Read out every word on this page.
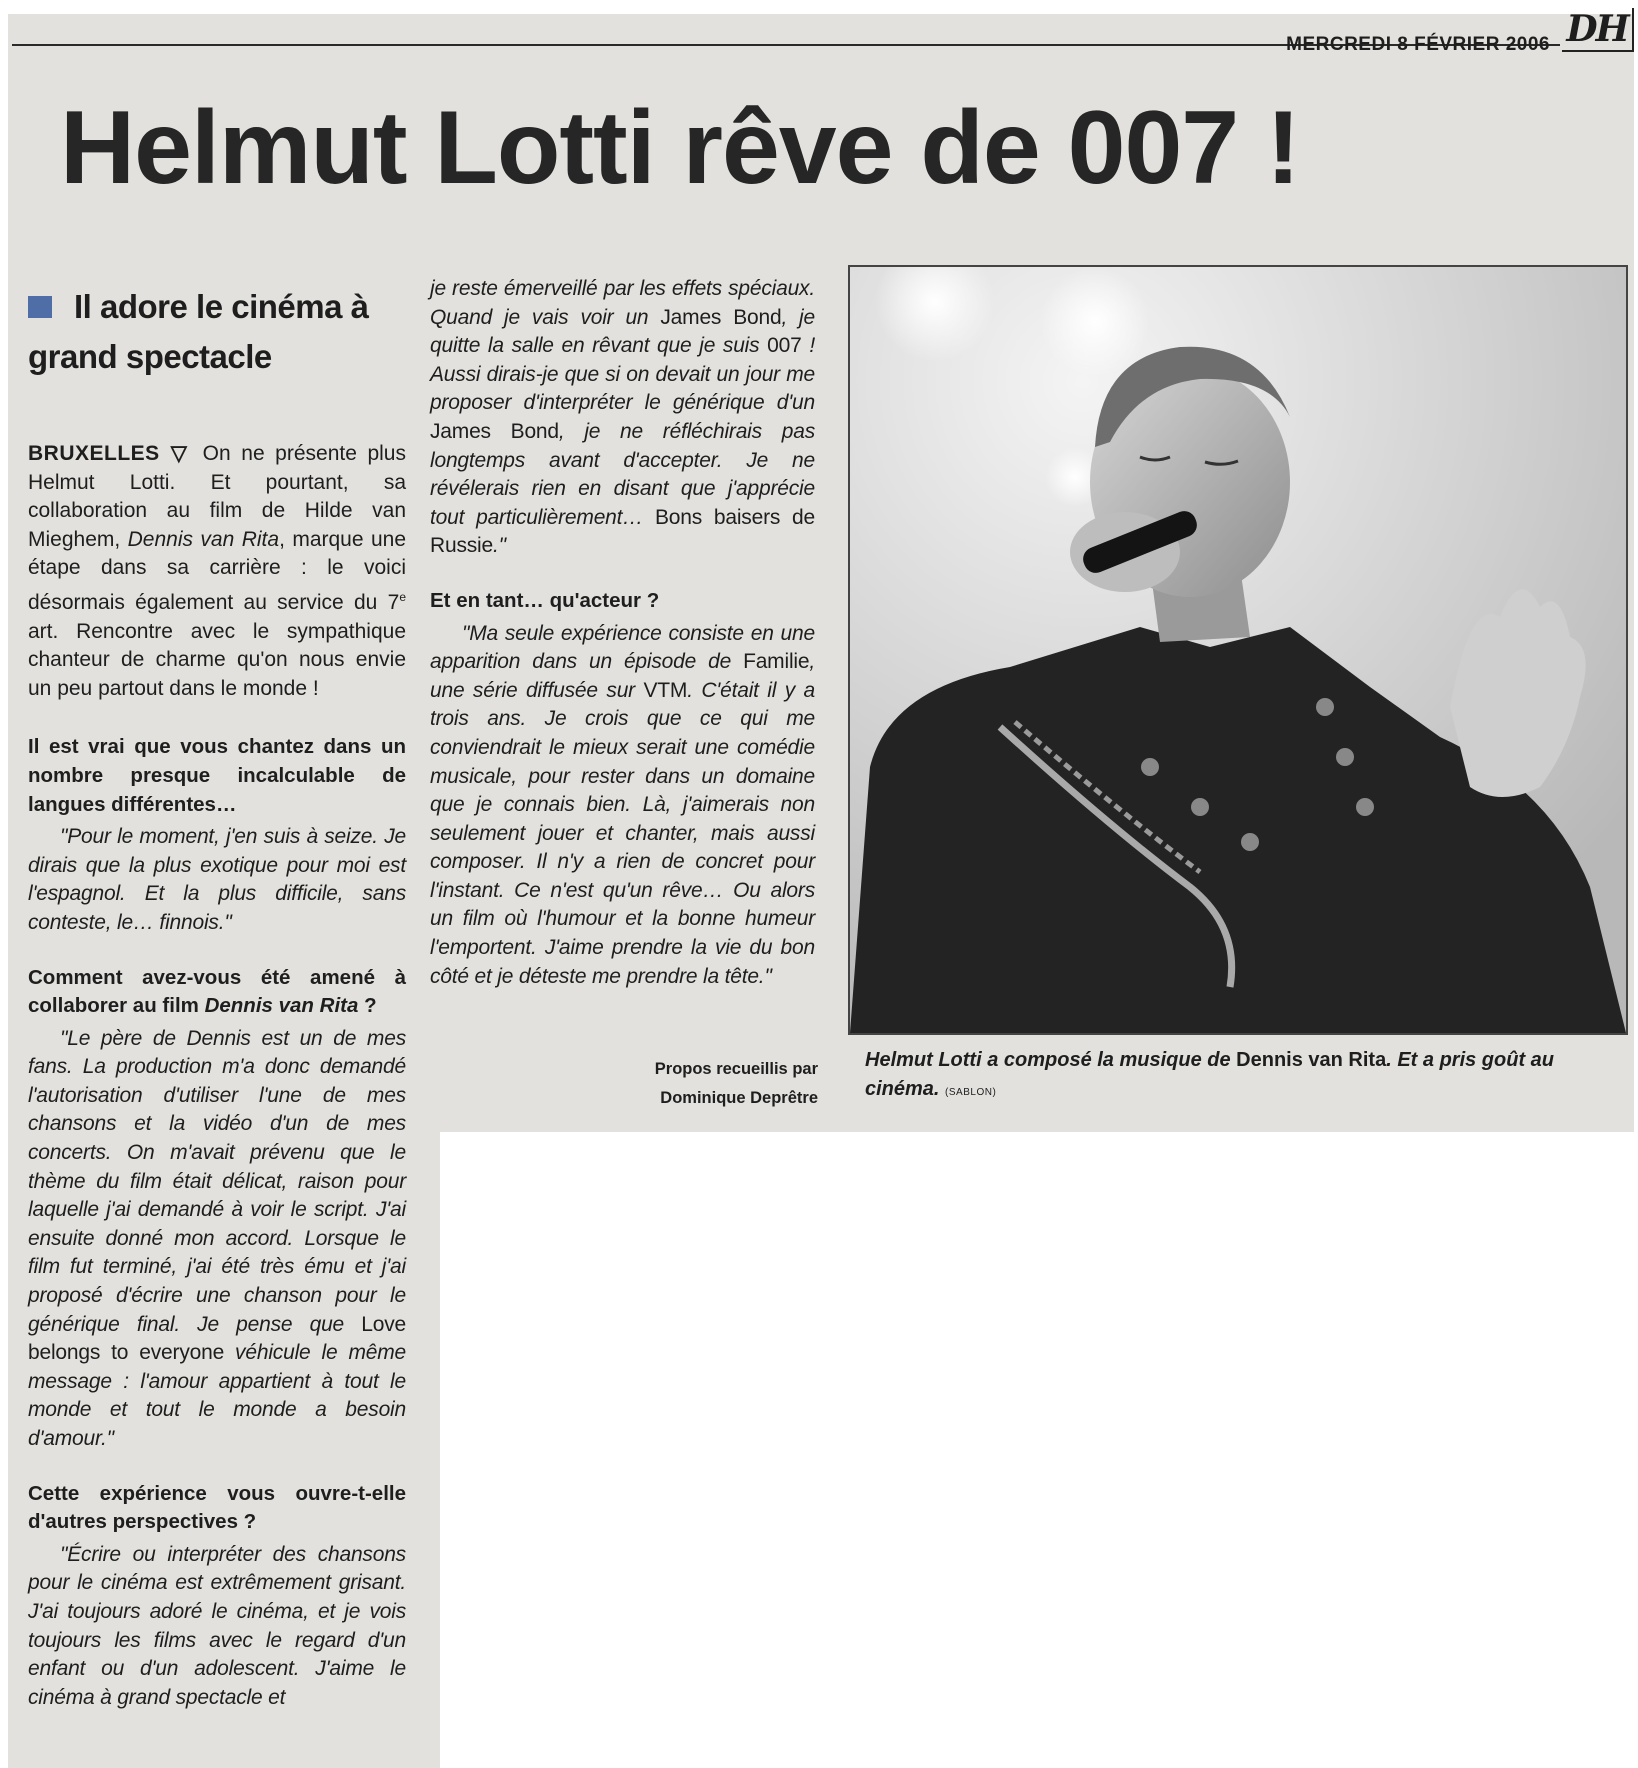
MERCREDI 8 FÉVRIER 2006 DH
Helmut Lotti rêve de 007 !
Il adore le cinéma à grand spectacle

BRUXELLES ▽ On ne présente plus Helmut Lotti. Et pourtant, sa collaboration au film de Hilde van Mieghem, Dennis van Rita, marque une étape dans sa carrière : le voici désormais également au service du 7e art. Rencontre avec le sympathique chanteur de charme qu'on nous envie un peu partout dans le monde !

Il est vrai que vous chantez dans un nombre presque incalculable de langues différentes…

"Pour le moment, j'en suis à seize. Je dirais que la plus exotique pour moi est l'espagnol. Et la plus difficile, sans conteste, le… finnois."

Comment avez-vous été amené à collaborer au film Dennis van Rita ?

"Le père de Dennis est un de mes fans. La production m'a donc demandé l'autorisation d'utiliser l'une de mes chansons et la vidéo d'un de mes concerts. On m'avait prévenu que le thème du film était délicat, raison pour laquelle j'ai demandé à voir le script. J'ai ensuite donné mon accord. Lorsque le film fut terminé, j'ai été très ému et j'ai proposé d'écrire une chanson pour le générique final. Je pense que Love belongs to everyone véhicule le même message : l'amour appartient à tout le monde et tout le monde a besoin d'amour."

Cette expérience vous ouvre-t-elle d'autres perspectives ?

"Écrire ou interpréter des chansons pour le cinéma est extrêmement grisant. J'ai toujours adoré le cinéma, et je vois toujours les films avec le regard d'un enfant ou d'un adolescent. J'aime le cinéma à grand spectacle et

je reste émerveillé par les effets spéciaux. Quand je vais voir un James Bond, je quitte la salle en rêvant que je suis 007 ! Aussi dirais-je que si on devait un jour me proposer d'interpréter le générique d'un James Bond, je ne réfléchirais pas longtemps avant d'accepter. Je ne révélerais rien en disant que j'apprécie tout particulièrement… Bons baisers de Russie."

Et en tant… qu'acteur ?

"Ma seule expérience consiste en une apparition dans un épisode de Familie, une série diffusée sur VTM. C'était il y a trois ans. Je crois que ce qui me conviendrait le mieux serait une comédie musicale, pour rester dans un domaine que je connais bien. Là, j'aimerais non seulement jouer et chanter, mais aussi composer. Il n'y a rien de concret pour l'instant. Ce n'est qu'un rêve… Ou alors un film où l'humour et la bonne humeur l'emportent. J'aime prendre la vie du bon côté et je déteste me prendre la tête."

Propos recueillis par
Dominique Deprêtre
Helmut Lotti a composé la musique de Dennis van Rita. Et a pris goût au cinéma. (SABLON)
